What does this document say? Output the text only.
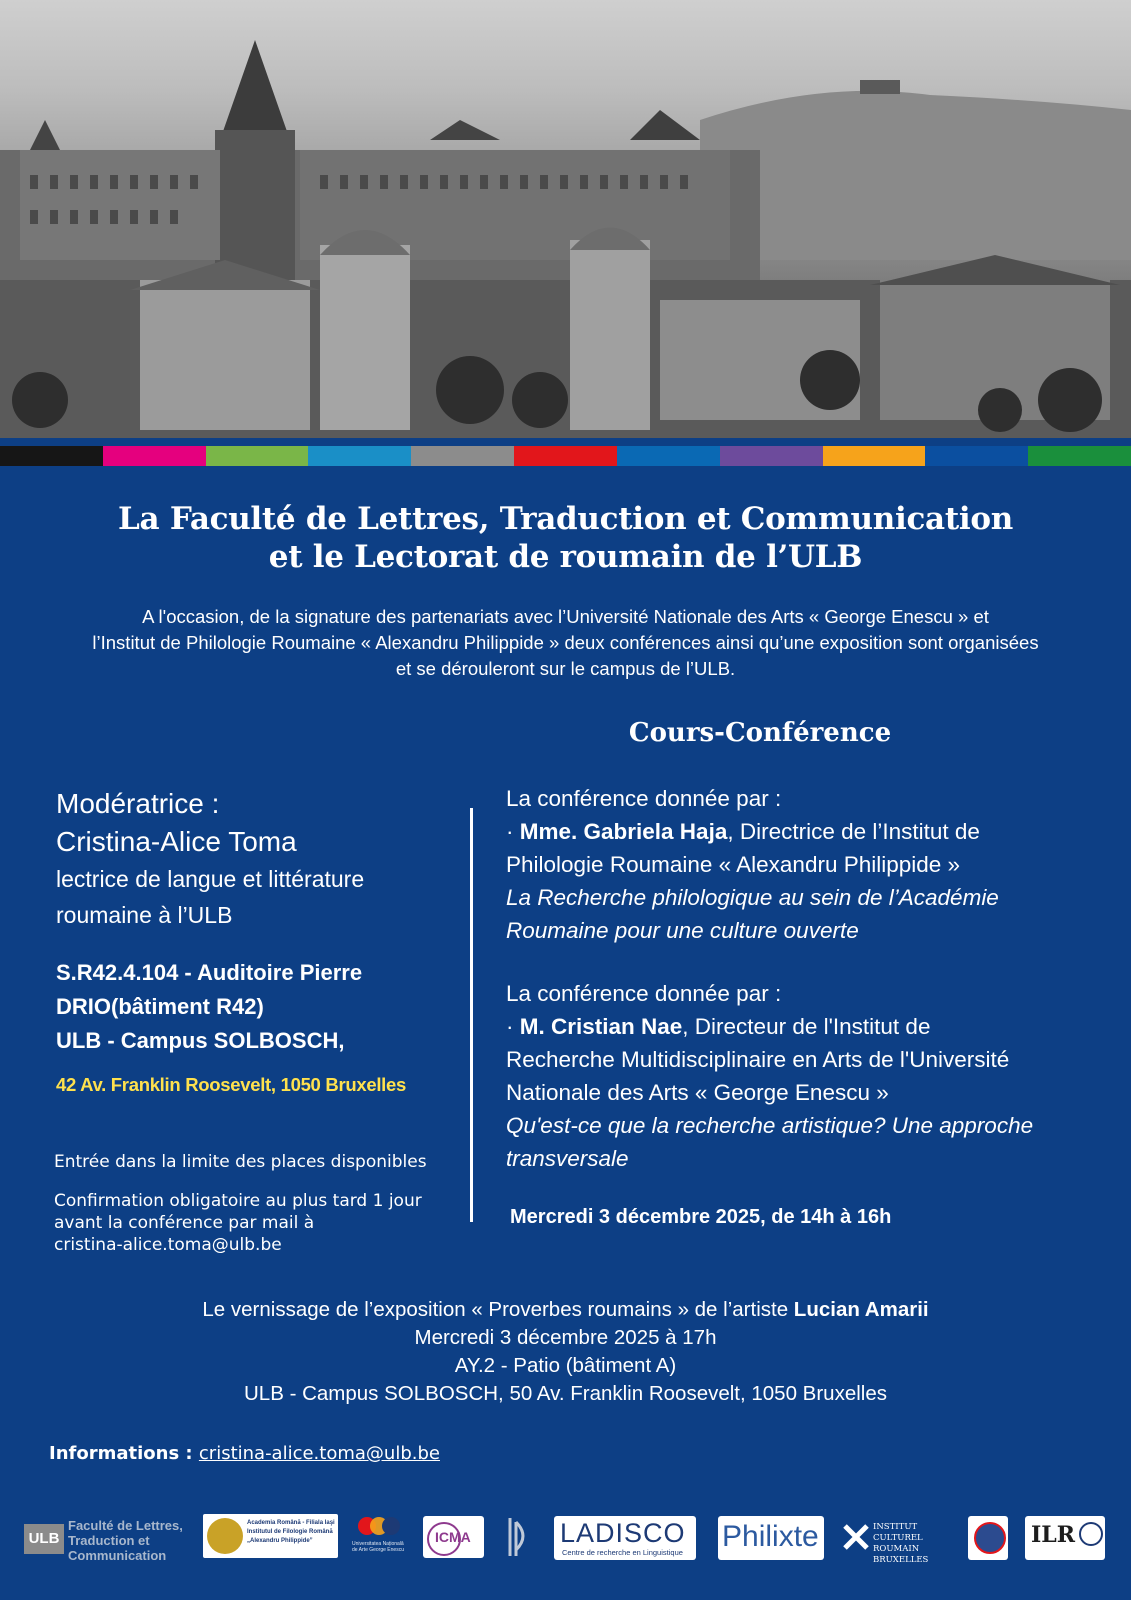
La Faculté de Lettres, Traduction et Communication
et le Lectorat de roumain de l’ULB
A l'occasion, de la signature des partenariats avec l’Université Nationale des Arts « George Enescu » et
l’Institut de Philologie Roumaine « Alexandru Philippide » deux conférences ainsi qu’une exposition sont organisées
et se dérouleront sur le campus de l’ULB.
Cours-Conférence
Modératrice :
Cristina-Alice Toma
lectrice de langue et littérature
roumaine à l’ULB
S.R42.4.104 - Auditoire Pierre
DRIO(bâtiment R42)
ULB - Campus SOLBOSCH,
42 Av. Franklin Roosevelt, 1050 Bruxelles
Entrée dans la limite des places disponibles
Confirmation obligatoire au plus tard 1 jour
avant la conférence par mail à
cristina-alice.toma@ulb.be

La conférence donnée par :

· Mme. Gabriela Haja, Directrice de l’Institut de

Philologie Roumaine « Alexandru Philippide »

La Recherche philologique au sein de l’Académie

Roumaine pour une culture ouverte

La conférence donnée par :

· M. Cristian Nae, Directeur de l'Institut de

Recherche Multidisciplinaire en Arts de l'Université

Nationale des Arts « George Enescu »

Qu'est-ce que la recherche artistique? Une approche

transversale

Mercredi 3 décembre 2025, de 14h à 16h
Le vernissage de l’exposition « Proverbes roumains » de l’artiste Lucian Amarii
Mercredi 3 décembre 2025 à 17h
AY.2 - Patio (bâtiment A)
ULB - Campus SOLBOSCH, 50 Av. Franklin Roosevelt, 1050 Bruxelles
Informations : cristina-alice.toma@ulb.be
ULB
Faculté de Lettres,
Traduction et
Communication
Academia Română - Filiala Iaşi
Institutul de Filologie Română
„Alexandru Philippide”	Universitatea Națională de Arte George Enescu
ICMA	LADISCO
Centre de recherche en Linguistique Philixte	INSTITUT CULTUREL
ROUMAIN
BRUXELLES
ILR
